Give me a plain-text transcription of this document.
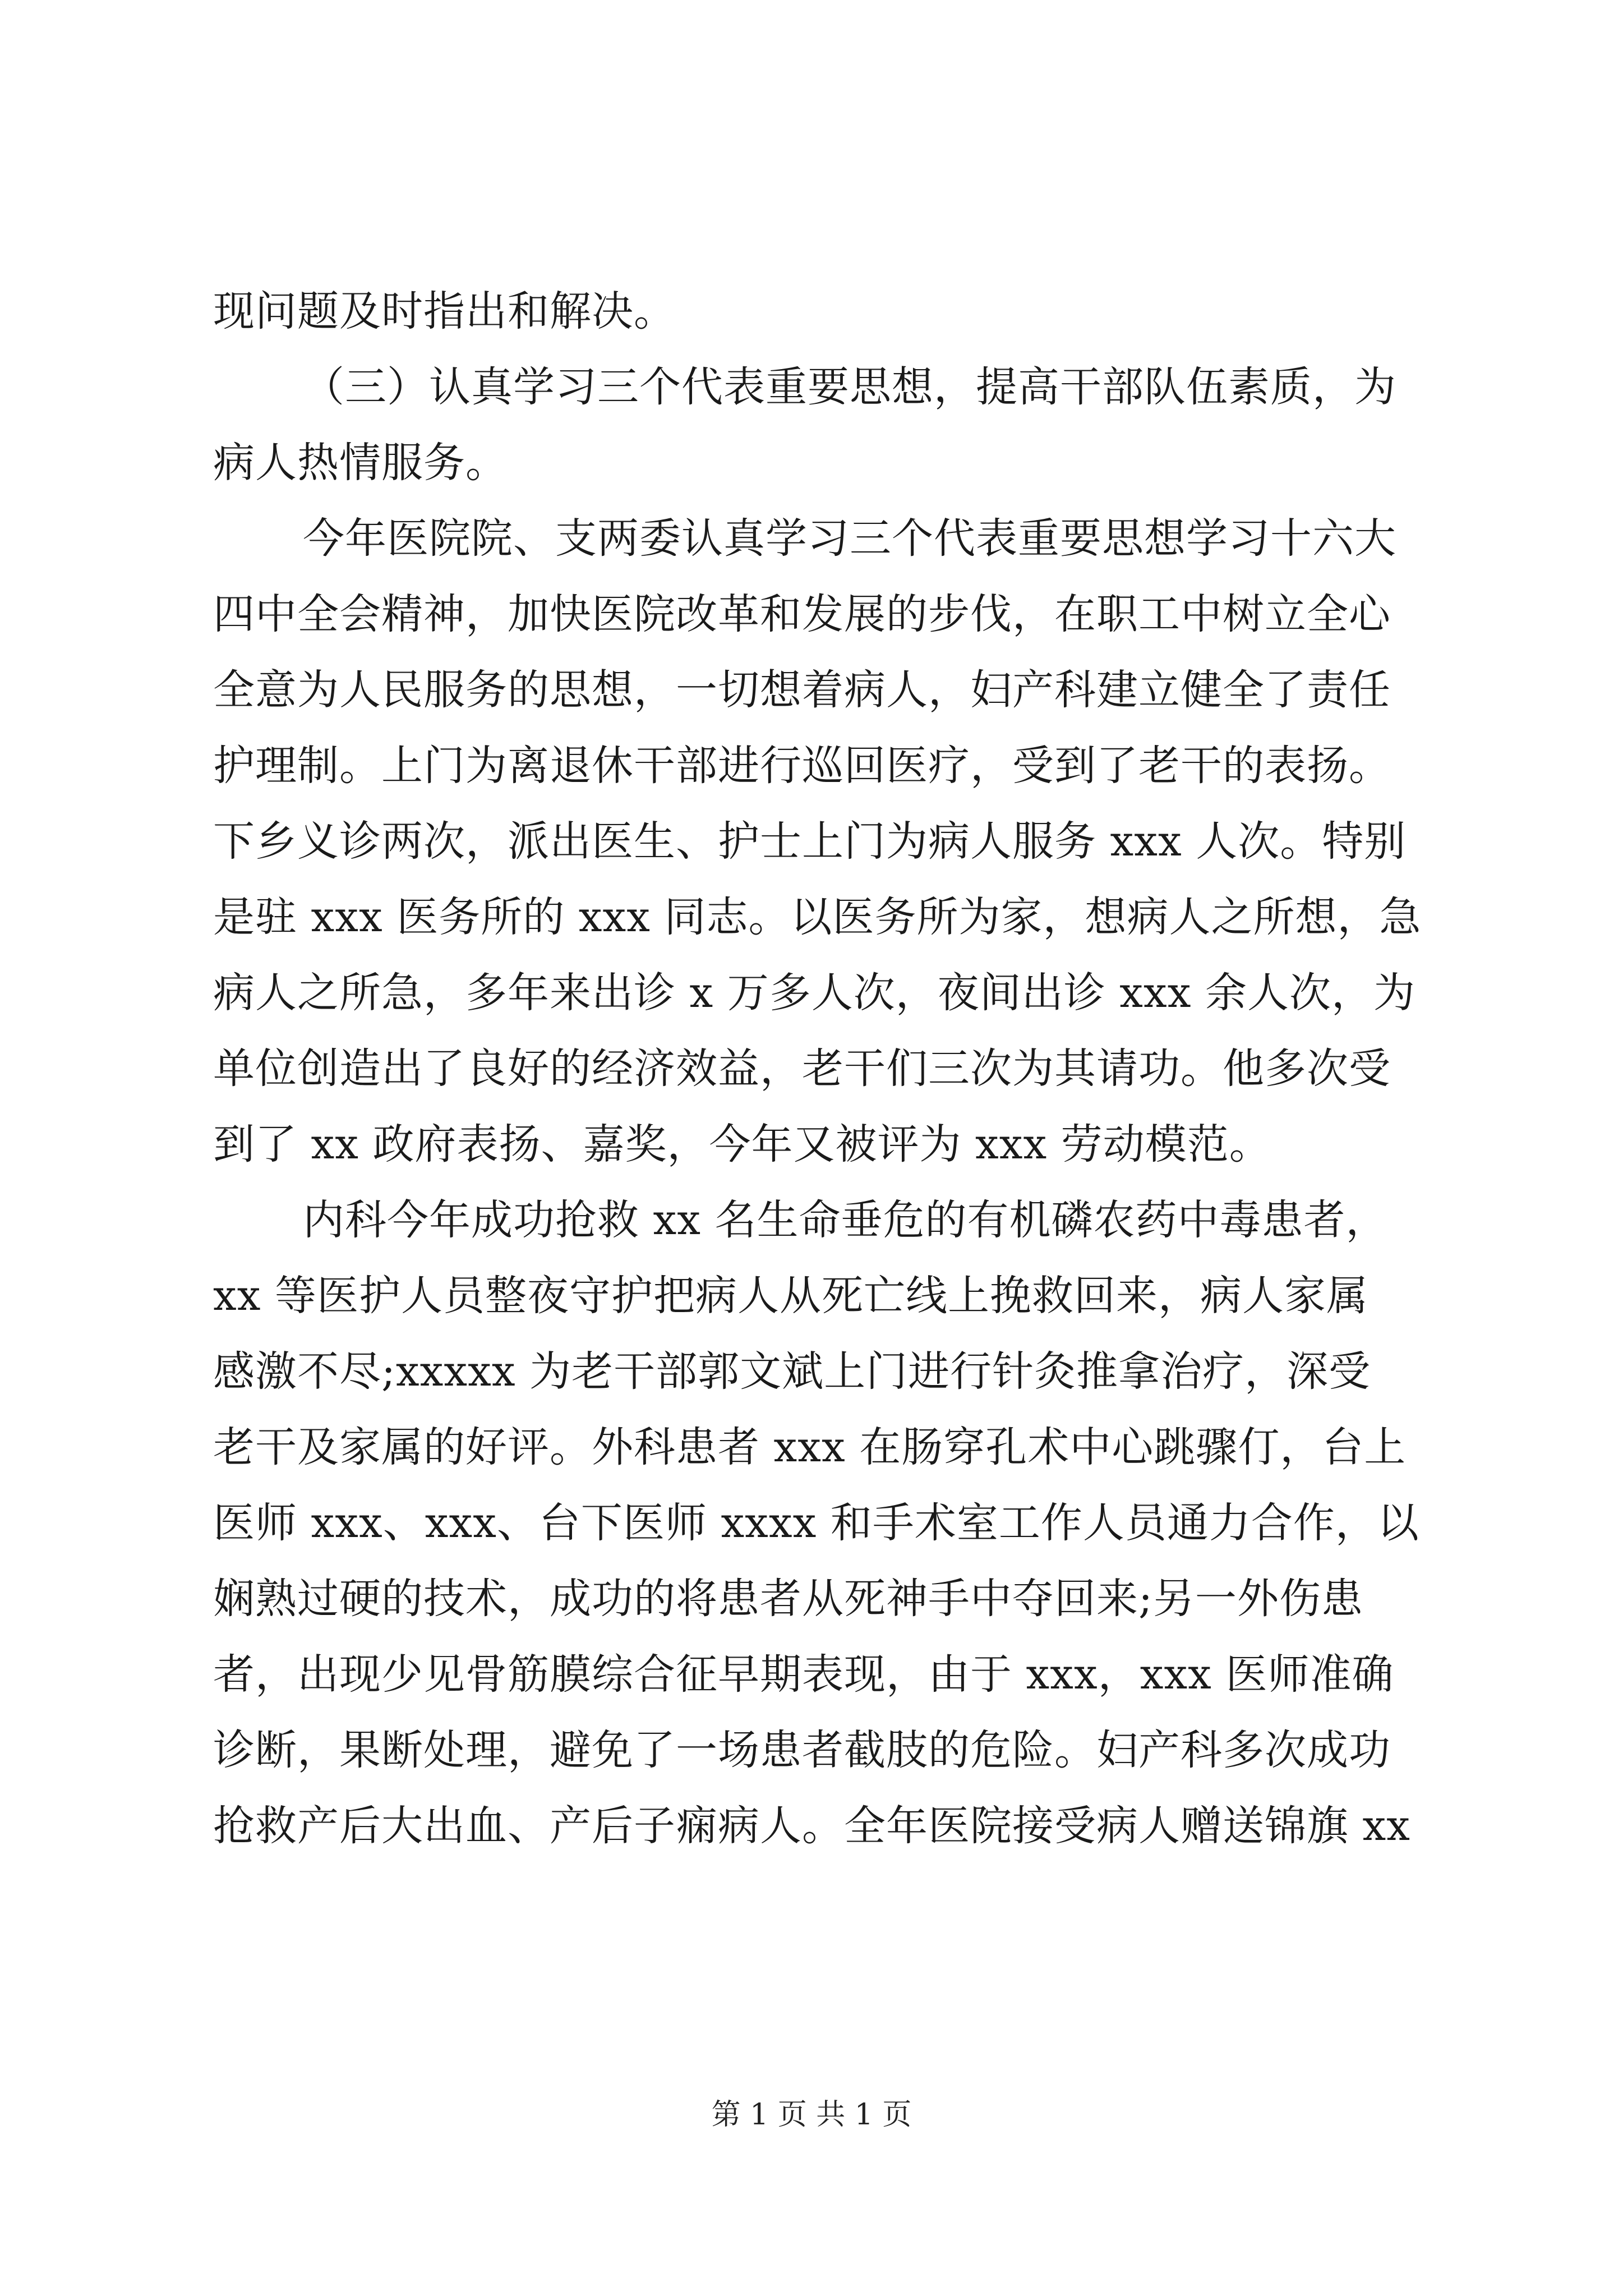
现问题及时指出和解决。
（三）认真学习三个代表重要思想，提高干部队伍素质，为
病人热情服务。
今年医院院、支两委认真学习三个代表重要思想学习十六大
四中全会精神，加快医院改革和发展的步伐，在职工中树立全心
全意为人民服务的思想，一切想着病人，妇产科建立健全了责任
护理制。上门为离退休干部进行巡回医疗，受到了老干的表扬。
下乡义诊两次，派出医生、护士上门为病人服务 xxx 人次。特别
是驻 xxx 医务所的 xxx 同志。以医务所为家，想病人之所想，急
病人之所急，多年来出诊 x 万多人次，夜间出诊 xxx 余人次，为
单位创造出了良好的经济效益，老干们三次为其请功。他多次受
到了 xx 政府表扬、嘉奖，今年又被评为 xxx 劳动模范。
内科今年成功抢救 xx 名生命垂危的有机磷农药中毒患者，
xx 等医护人员整夜守护把病人从死亡线上挽救回来，病人家属
感激不尽;xxxxx 为老干部郭文斌上门进行针灸推拿治疗，深受
老干及家属的好评。外科患者 xxx 在肠穿孔术中心跳骤仃，台上
医师 xxx、xxx、台下医师 xxxx 和手术室工作人员通力合作，以
娴熟过硬的技术，成功的将患者从死神手中夺回来;另一外伤患
者，出现少见骨筋膜综合征早期表现，由于 xxx，xxx 医师准确
诊断，果断处理，避免了一场患者截肢的危险。妇产科多次成功
抢救产后大出血、产后子痫病人。全年医院接受病人赠送锦旗 xx
第 1 页 共 1 页
